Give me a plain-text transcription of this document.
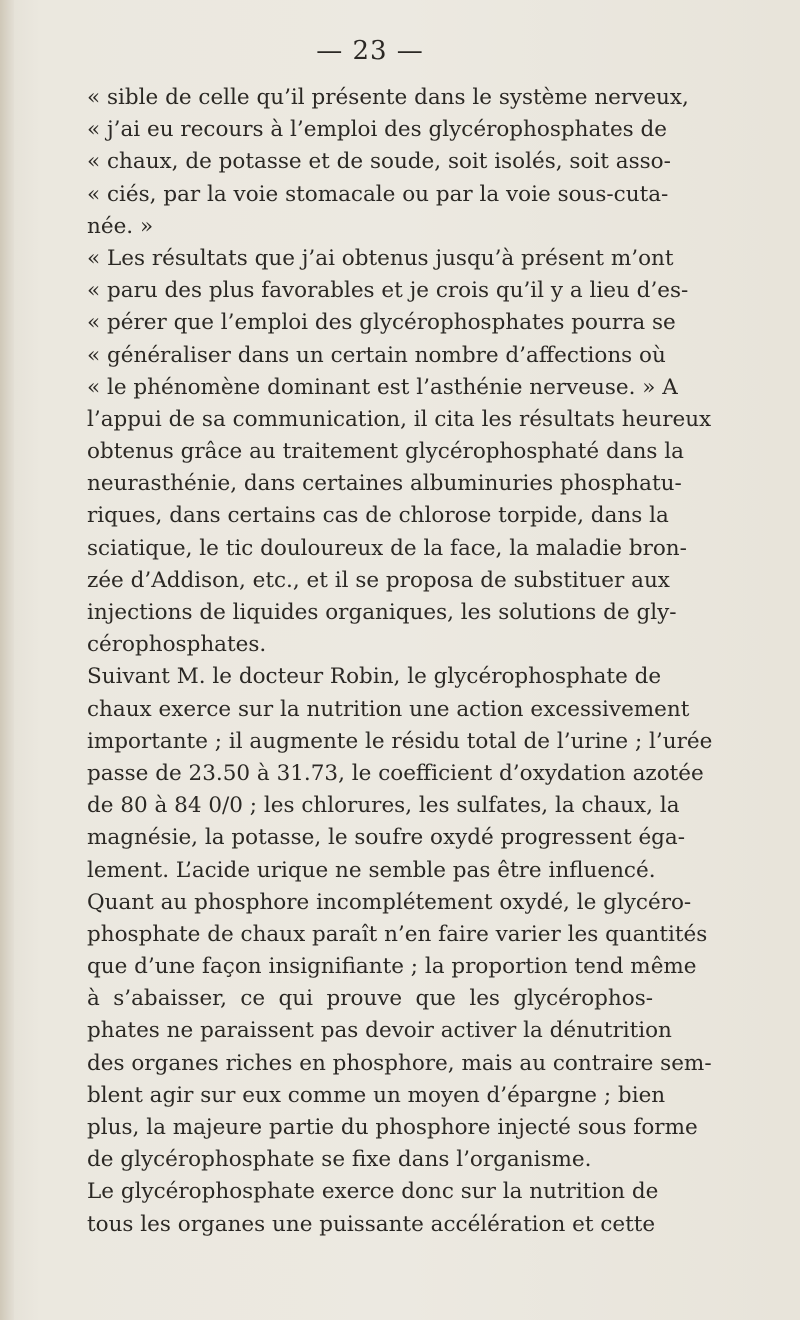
— 23 —
« sible de celle qu’il présente dans le système nerveux,
« j’ai eu recours à l’emploi des glycérophosphates de
« chaux, de potasse et de soude, soit isolés, soit asso-
« ciés, par la voie stomacale ou par la voie sous-cuta-
née. »
« Les résultats que j’ai obtenus jusqu’à présent m’ont
« paru des plus favorables et je crois qu’il y a lieu d’es-
« pérer que l’emploi des glycérophosphates pourra se
« généraliser dans un certain nombre d’affections où
« le phénomène dominant est l’asthénie nerveuse. » A
l’appui de sa communication, il cita les résultats heureux
obtenus grâce au traitement glycérophosphaté dans la
neurasthénie, dans certaines albuminuries phosphatu-
riques, dans certains cas de chlorose torpide, dans la
sciatique, le tic douloureux de la face, la maladie bron-
zée d’Addison, etc., et il se proposa de substituer aux
injections de liquides organiques, les solutions de gly-
cérophosphates.
Suivant M. le docteur Robin, le glycérophosphate de
chaux exerce sur la nutrition une action excessivement
importante ; il augmente le résidu total de l’urine ; l’urée
passe de 23.50 à 31.73, le coefficient d’oxydation azotée
de 80 à 84 0/0 ; les chlorures, les sulfates, la chaux, la
magnésie, la potasse, le soufre oxydé progressent éga-
lement. L’acide urique ne semble pas être influencé.
Quant au phosphore incomplétement oxydé, le glycéro-
phosphate de chaux paraît n’en faire varier les quantités
que d’une façon insignifiante ; la proportion tend même
à s’abaisser, ce qui prouve que les glycérophos-
phates ne paraissent pas devoir activer la dénutrition
des organes riches en phosphore, mais au contraire sem-
blent agir sur eux comme un moyen d’épargne ; bien
plus, la majeure partie du phosphore injecté sous forme
de glycérophosphate se fixe dans l’organisme.
Le glycérophosphate exerce donc sur la nutrition de
tous les organes une puissante accélération et cette
